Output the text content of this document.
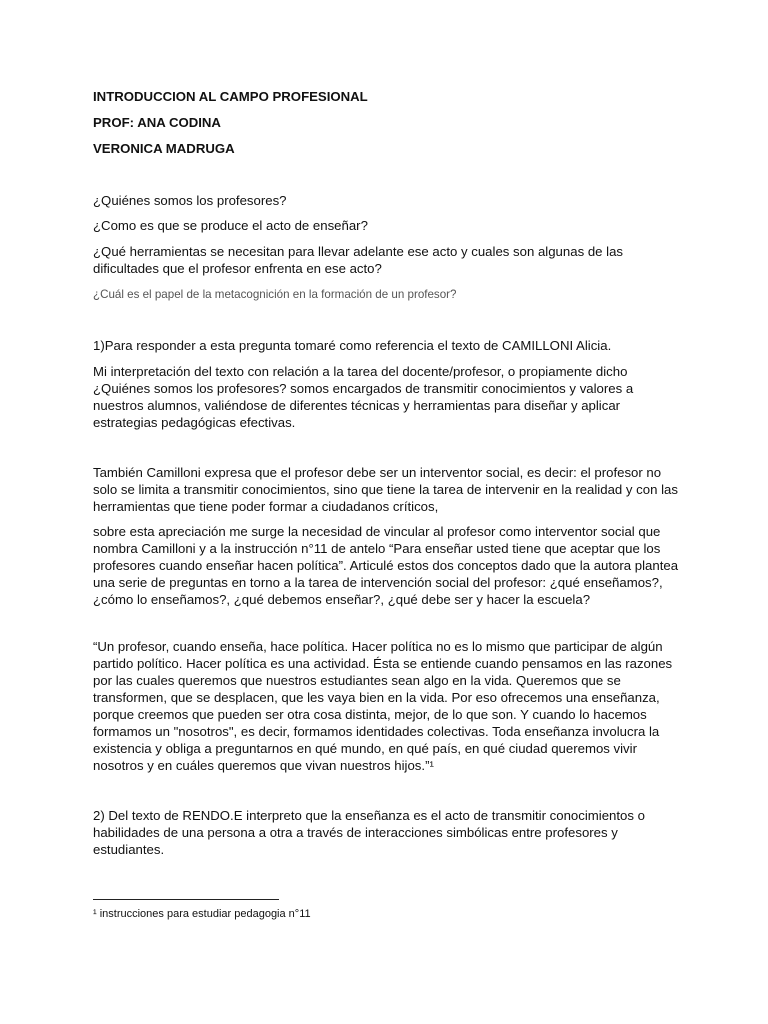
INTRODUCCION AL CAMPO PROFESIONAL

PROF: ANA CODINA

VERONICA MADRUGA

¿Quiénes somos los profesores?

¿Como es que se produce el acto de enseñar?

¿Qué herramientas se necesitan para llevar adelante ese acto y cuales son algunas de las dificultades que el profesor enfrenta en ese acto?

¿Cuál es el papel de la metacognición en la formación de un profesor?

1)Para responder a esta pregunta tomaré como referencia el texto de CAMILLONI Alicia.

Mi interpretación del texto con relación a la tarea del docente/profesor, o propiamente dicho ¿Quiénes somos los profesores? somos encargados de transmitir conocimientos y valores a nuestros alumnos, valiéndose de diferentes técnicas y herramientas para diseñar y aplicar estrategias pedagógicas efectivas.

También Camilloni expresa que el profesor debe ser un interventor social, es decir: el profesor no solo se limita a transmitir conocimientos, sino que tiene la tarea de intervenir en la realidad y con las herramientas que tiene poder formar a ciudadanos críticos,

sobre esta apreciación me surge la necesidad de vincular al profesor como interventor social que nombra Camilloni y a la instrucción n°11 de antelo “Para enseñar usted tiene que aceptar que los profesores cuando enseñar hacen política”. Articulé estos dos conceptos dado que la autora plantea una serie de preguntas en torno a la tarea de intervención social del profesor: ¿qué enseñamos?, ¿cómo lo enseñamos?, ¿qué debemos enseñar?, ¿qué debe ser y hacer la escuela?

“Un profesor, cuando enseña, hace política. Hacer política no es lo mismo que participar de algún partido político. Hacer política es una actividad. Ésta se entiende cuando pensamos en las razones por las cuales queremos que nuestros estudiantes sean algo en la vida. Queremos que se transformen, que se desplacen, que les vaya bien en la vida. Por eso ofrecemos una enseñanza, porque creemos que pueden ser otra cosa distinta, mejor, de lo que son. Y cuando lo hacemos formamos un "nosotros", es decir, formamos identidades colectivas. Toda enseñanza involucra la existencia y obliga a preguntarnos en qué mundo, en qué país, en qué ciudad queremos vivir nosotros y en cuáles queremos que vivan nuestros hijos.”¹

2) Del texto de RENDO.E interpreto que la enseñanza es el acto de transmitir conocimientos o habilidades de una persona a otra a través de interacciones simbólicas entre profesores y estudiantes.

¹ instrucciones para estudiar pedagogia n°11
